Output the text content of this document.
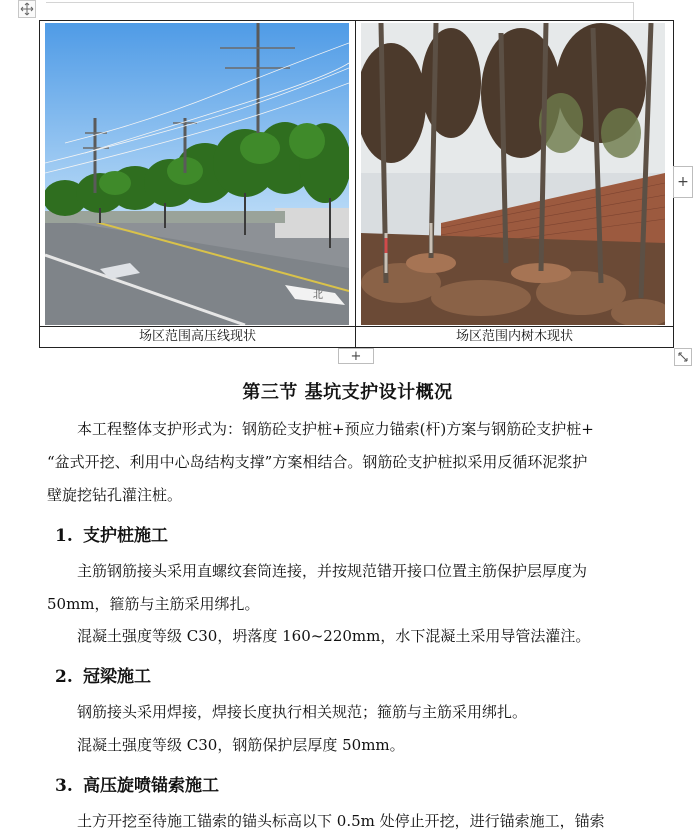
北

场区范围高压线现状	场区范围内树木现状
+
+
第三节 基坑支护设计概况
本工程整体支护形式为：钢筋砼支护桩+预应力锚索(杆)方案与钢筋砼支护桩+
“盆式开挖、利用中心岛结构支撑”方案相结合。钢筋砼支护桩拟采用反循环泥浆护
壁旋挖钻孔灌注桩。
1. 支护桩施工
主筋钢筋接头采用直螺纹套筒连接，并按规范错开接口位置主筋保护层厚度为
50mm，箍筋与主筋采用绑扎。
混凝土强度等级 C30，坍落度 160~220mm，水下混凝土采用导管法灌注。
2. 冠梁施工
钢筋接头采用焊接，焊接长度执行相关规范；箍筋与主筋采用绑扎。
混凝土强度等级 C30，钢筋保护层厚度 50mm。
3. 高压旋喷锚索施工
土方开挖至待施工锚索的锚头标高以下 0.5m 处停止开挖，进行锚索施工，锚索
